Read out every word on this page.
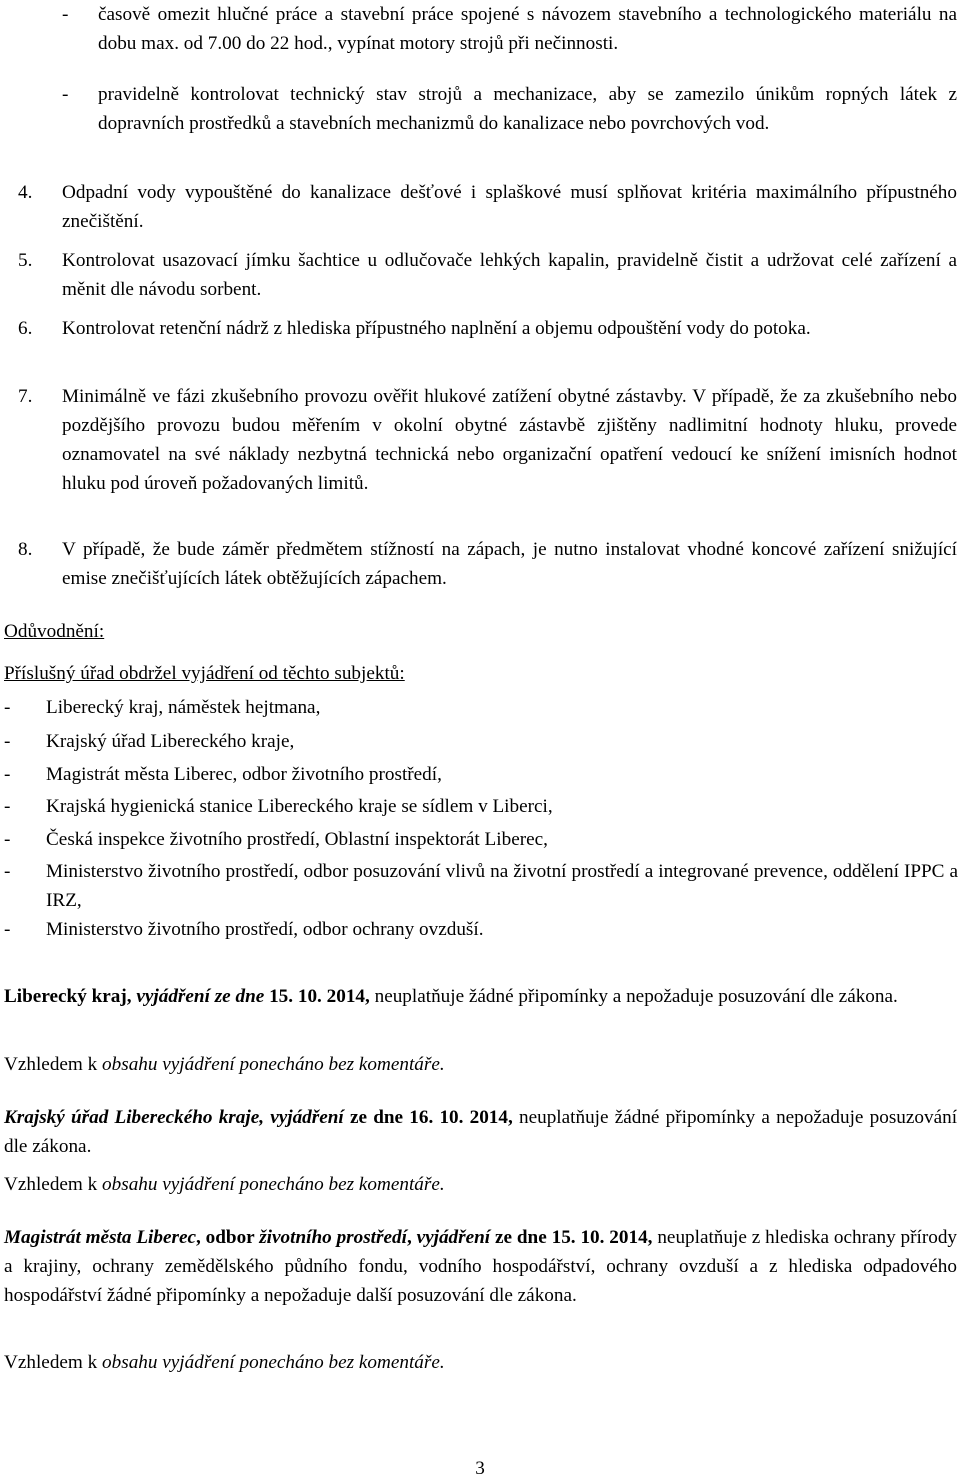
- časově omezit hlučné práce a stavební práce spojené s návozem stavebního a technologického materiálu na dobu max. od 7.00 do 22 hod., vypínat motory strojů při nečinnosti.

- pravidelně kontrolovat technický stav strojů a mechanizace, aby se zamezilo únikům ropných látek z dopravních prostředků a stavebních mechanizmů do kanalizace nebo povrchových vod.

4. Odpadní vody vypouštěné do kanalizace dešťové i splaškové musí splňovat kritéria maximálního přípustného znečištění.

5. Kontrolovat usazovací jímku šachtice u odlučovače lehkých kapalin, pravidelně čistit a udržovat celé zařízení a měnit dle návodu sorbent.

6. Kontrolovat retenční nádrž z hlediska přípustného naplnění a objemu odpouštění vody do potoka.

7. Minimálně ve fázi zkušebního provozu ověřit hlukové zatížení obytné zástavby. V případě, že za zkušebního nebo pozdějšího provozu budou měřením v okolní obytné zástavbě zjištěny nadlimitní hodnoty hluku, provede oznamovatel na své náklady nezbytná technická nebo organizační opatření vedoucí ke snížení imisních hodnot hluku pod úroveň požadovaných limitů.

8. V případě, že bude záměr předmětem stížností na zápach, je nutno instalovat vhodné koncové zařízení snižující emise znečišťujících látek obtěžujících zápachem.

Odůvodnění:

Příslušný úřad obdržel vyjádření od těchto subjektů:

- Liberecký kraj, náměstek hejtmana,

- Krajský úřad Libereckého kraje,

- Magistrát města Liberec, odbor životního prostředí,

- Krajská hygienická stanice Libereckého kraje se sídlem v Liberci,

- Česká inspekce životního prostředí, Oblastní inspektorát Liberec,

- Ministerstvo životního prostředí, odbor posuzování vlivů na životní prostředí a integrované prevence, oddělení IPPC a IRZ,

- Ministerstvo životního prostředí, odbor ochrany ovzduší.

Liberecký kraj, vyjádření ze dne 15. 10. 2014, neuplatňuje žádné připomínky a nepožaduje posuzování dle zákona.

Vzhledem k obsahu vyjádření ponecháno bez komentáře.

Krajský úřad Libereckého kraje, vyjádření ze dne 16. 10. 2014, neuplatňuje žádné připomínky a nepožaduje posuzování dle zákona.

Vzhledem k obsahu vyjádření ponecháno bez komentáře.

Magistrát města Liberec, odbor životního prostředí, vyjádření ze dne 15. 10. 2014, neuplatňuje z hlediska ochrany přírody a krajiny, ochrany zemědělského půdního fondu, vodního hospodářství, ochrany ovzduší a z hlediska odpadového hospodářství žádné připomínky a nepožaduje další posuzování dle zákona.

Vzhledem k obsahu vyjádření ponecháno bez komentáře.

3
